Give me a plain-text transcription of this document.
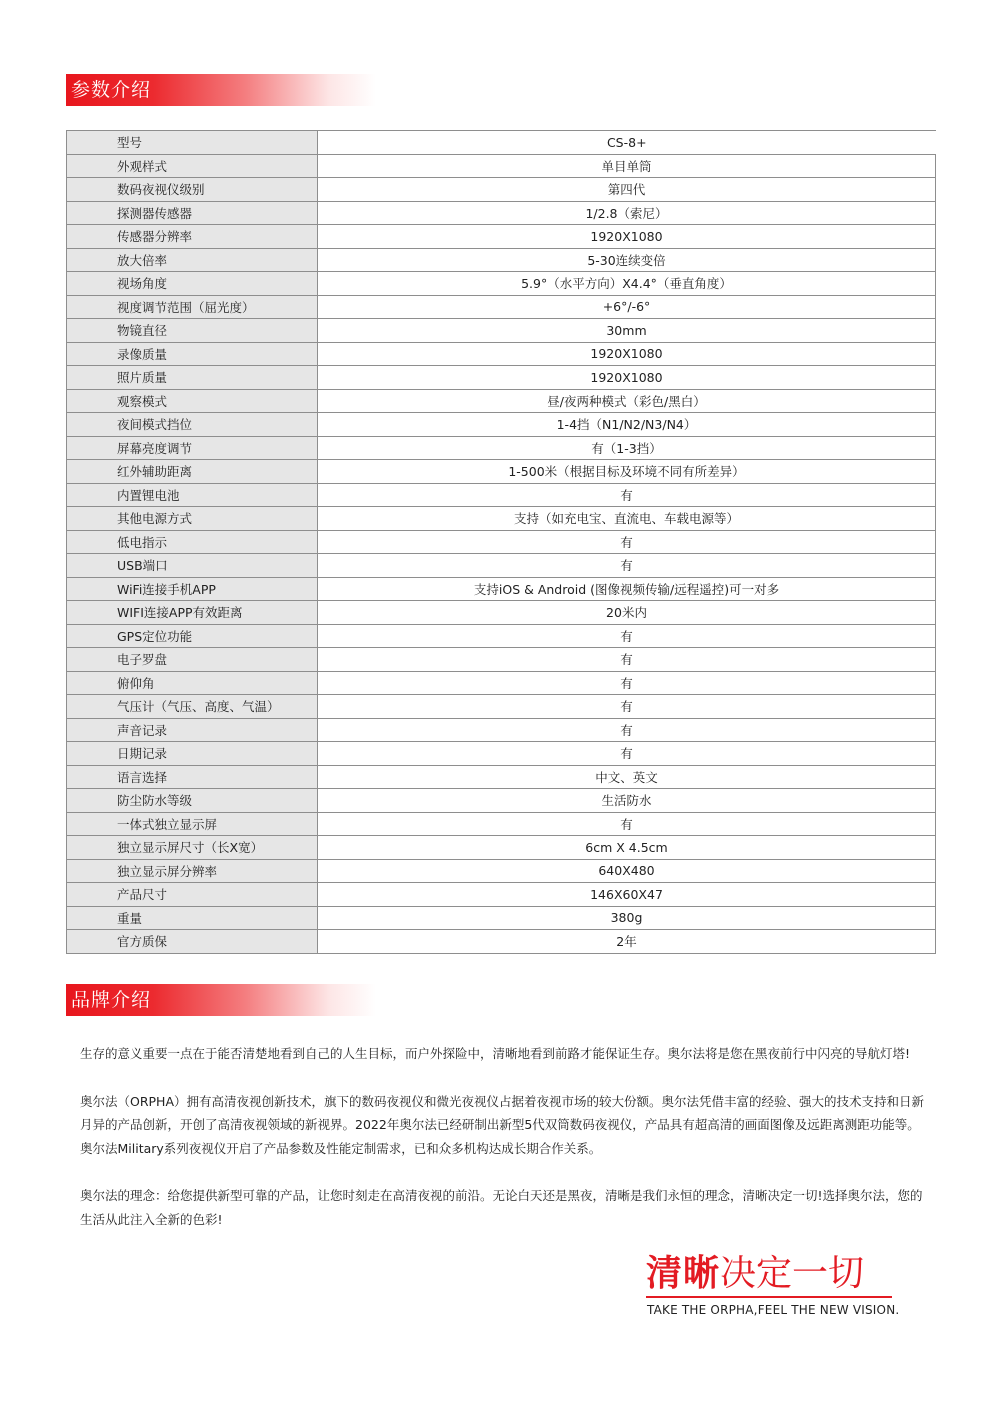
参数介绍
型号	CS-8+
外观样式	单目单筒
数码夜视仪级别	第四代
探测器传感器	1/2.8（索尼）
传感器分辨率	1920X1080
放大倍率	5-30连续变倍
视场角度	5.9°（水平方向）X4.4°（垂直角度）
视度调节范围（屈光度）	+6°/-6°
物镜直径	30mm
录像质量	1920X1080
照片质量	1920X1080
观察模式	昼/夜两种模式（彩色/黑白）
夜间模式挡位	1-4挡（N1/N2/N3/N4）
屏幕亮度调节	有（1-3挡）
红外辅助距离	1-500米（根据目标及环境不同有所差异）
内置锂电池	有
其他电源方式	支持（如充电宝、直流电、车载电源等）
低电指示	有
USB端口	有
WiFi连接手机APP	支持iOS & Android (图像视频传输/远程遥控)可一对多
WIFI连接APP有效距离	20米内
GPS定位功能	有
电子罗盘	有
俯仰角	有
气压计（气压、高度、气温）	有
声音记录	有
日期记录	有
语言选择	中文、英文
防尘防水等级	生活防水
一体式独立显示屏	有
独立显示屏尺寸（长X宽）	6cm X 4.5cm
独立显示屏分辨率	640X480
产品尺寸	146X60X47
重量	380g
官方质保	2年
品牌介绍

生存的意义重要一点在于能否清楚地看到自己的人生目标，而户外探险中，清晰地看到前路才能保证生存。奥尔法将是您在黑夜前行中闪亮的导航灯塔!

奥尔法（ORPHA）拥有高清夜视创新技术，旗下的数码夜视仪和微光夜视仪占据着夜视市场的较大份额。奥尔法凭借丰富的经验、强大的技术支持和日新月异的产品创新，开创了高清夜视领域的新视界。2022年奥尔法已经研制出新型5代双筒数码夜视仪，产品具有超高清的画面图像及远距离测距功能等。奥尔法Military系列夜视仪开启了产品参数及性能定制需求，已和众多机构达成长期合作关系。

奥尔法的理念：给您提供新型可靠的产品，让您时刻走在高清夜视的前沿。无论白天还是黑夜，清晰是我们永恒的理念，清晰决定一切!选择奥尔法，您的生活从此注入全新的色彩!

清晰决定一切
TAKE THE ORPHA,FEEL THE NEW VISION.
